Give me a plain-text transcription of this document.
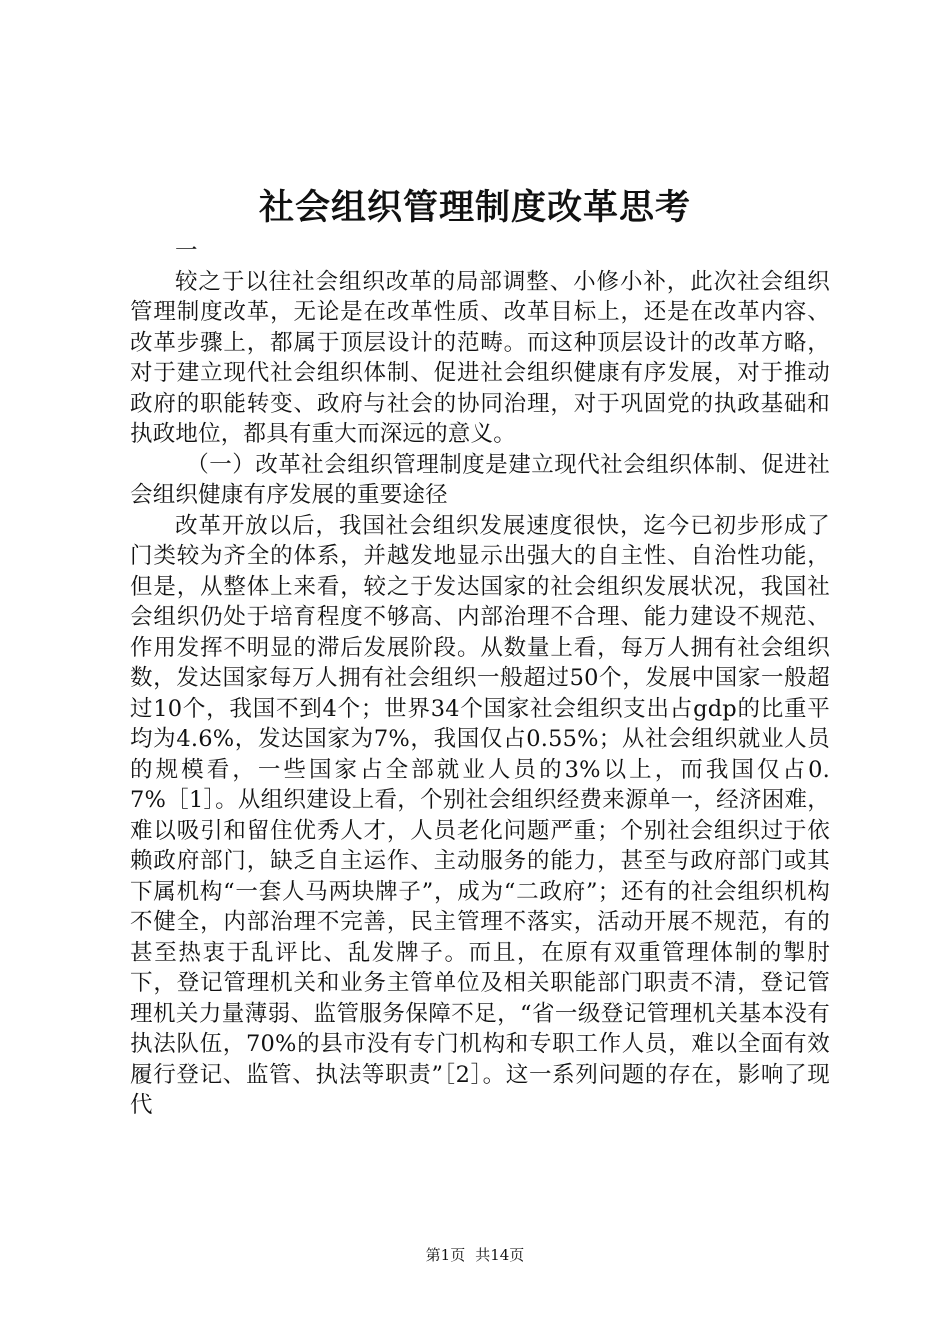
社会组织管理制度改革思考

一

较之于以往社会组织改革的局部调整、小修小补，此次社会组织管理制度改革，无论是在改革性质、改革目标上，还是在改革内容、改革步骤上，都属于顶层设计的范畴。而这种顶层设计的改革方略，对于建立现代社会组织体制、促进社会组织健康有序发展，对于推动政府的职能转变、政府与社会的协同治理，对于巩固党的执政基础和执政地位，都具有重大而深远的意义。

（一）改革社会组织管理制度是建立现代社会组织体制、促进社会组织健康有序发展的重要途径

改革开放以后，我国社会组织发展速度很快，迄今已初步形成了门类较为齐全的体系，并越发地显示出强大的自主性、自治性功能，但是，从整体上来看，较之于发达国家的社会组织发展状况，我国社会组织仍处于培育程度不够高、内部治理不合理、能力建设不规范、作用发挥不明显的滞后发展阶段。从数量上看，每万人拥有社会组织数，发达国家每万人拥有社会组织一般超过50个，发展中国家一般超过10个，我国不到4个；世界34个国家社会组织支出占gdp的比重平均为4.6%，发达国家为7%，我国仅占0.55%；从社会组织就业人员的规模看，一些国家占全部就业人员的3%以上，而我国仅占0.7%［1］。从组织建设上看，个别社会组织经费来源单一，经济困难，难以吸引和留住优秀人才，人员老化问题严重；个别社会组织过于依赖政府部门，缺乏自主运作、主动服务的能力，甚至与政府部门或其下属机构“一套人马两块牌子”，成为“二政府”；还有的社会组织机构不健全，内部治理不完善，民主管理不落实，活动开展不规范，有的甚至热衷于乱评比、乱发牌子。而且，在原有双重管理体制的掣肘下，登记管理机关和业务主管单位及相关职能部门职责不清，登记管理机关力量薄弱、监管服务保障不足，“省一级登记管理机关基本没有执法队伍，70%的县市没有专门机构和专职工作人员，难以全面有效履行登记、监管、执法等职责”［2］。这一系列问题的存在，影响了现代

第1页 共14页
